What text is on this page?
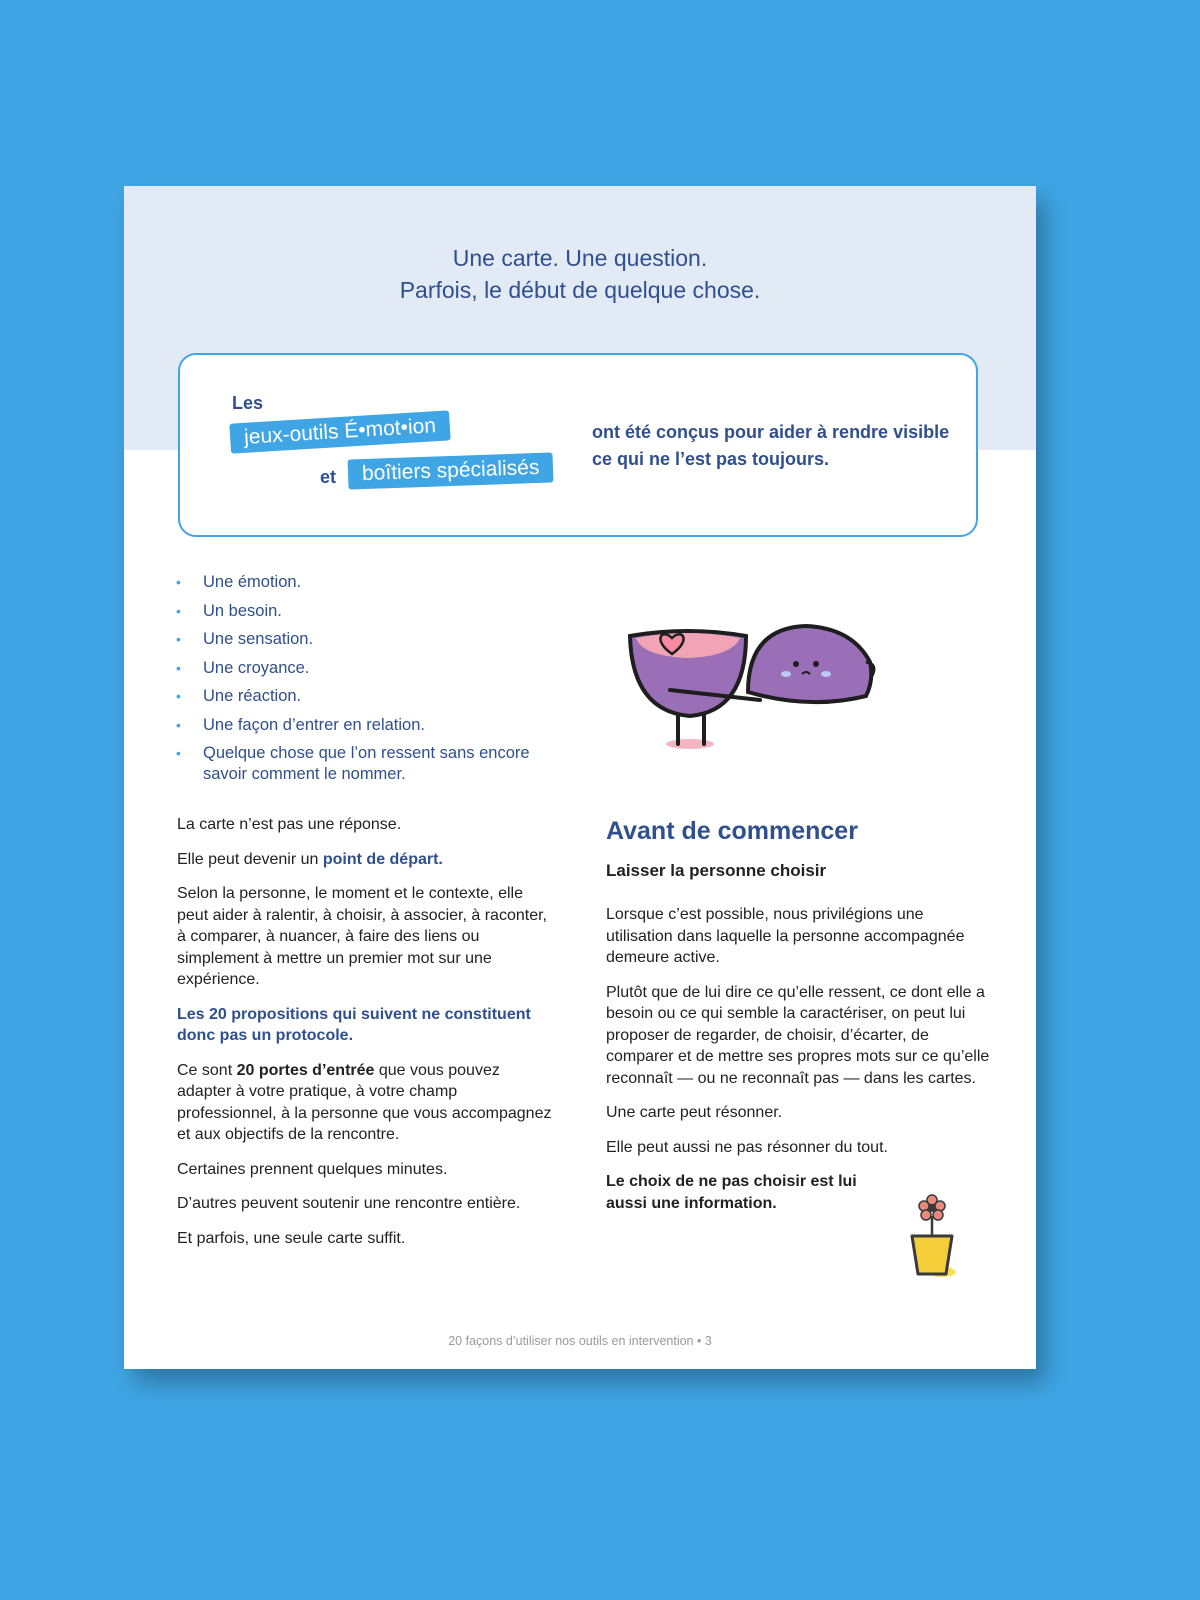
Une carte. Une question.
Parfois, le début de quelque chose.
Les
jeux-outils É•mot•ion
et	boîtiers spécialisés
ont été conçus pour aider à rendre visible ce qui ne l’est pas toujours.
• Une émotion.
• Un besoin.
• Une sensation.
• Une croyance.
• Une réaction.
• Une façon d’entrer en relation.
• Quelque chose que l’on ressent sans encore savoir comment le nommer.

La carte n’est pas une réponse.

Elle peut devenir un point de départ.

Selon la personne, le moment et le contexte, elle peut aider à ralentir, à choisir, à associer, à raconter, à comparer, à nuancer, à faire des liens ou simplement à mettre un premier mot sur une expérience.

Les 20 propositions qui suivent ne constituent donc pas un protocole.

Ce sont 20 portes d’entrée que vous pouvez adapter à votre pratique, à votre champ professionnel, à la personne que vous accompagnez et aux objectifs de la rencontre.

Certaines prennent quelques minutes.

D’autres peuvent soutenir une rencontre entière.

Et parfois, une seule carte suffit.

Avant de commencer
Laisser la personne choisir

Lorsque c’est possible, nous privilégions une utilisation dans laquelle la personne accompagnée demeure active.

Plutôt que de lui dire ce qu’elle ressent, ce dont elle a besoin ou ce qui semble la caractériser, on peut lui proposer de regarder, de choisir, d’écarter, de comparer et de mettre ses propres mots sur ce qu’elle reconnaît — ou ne reconnaît pas — dans les cartes.

Une carte peut résonner.

Elle peut aussi ne pas résonner du tout.

Le choix de ne pas choisir est lui aussi une information.

20 façons d’utiliser nos outils en intervention • 3
